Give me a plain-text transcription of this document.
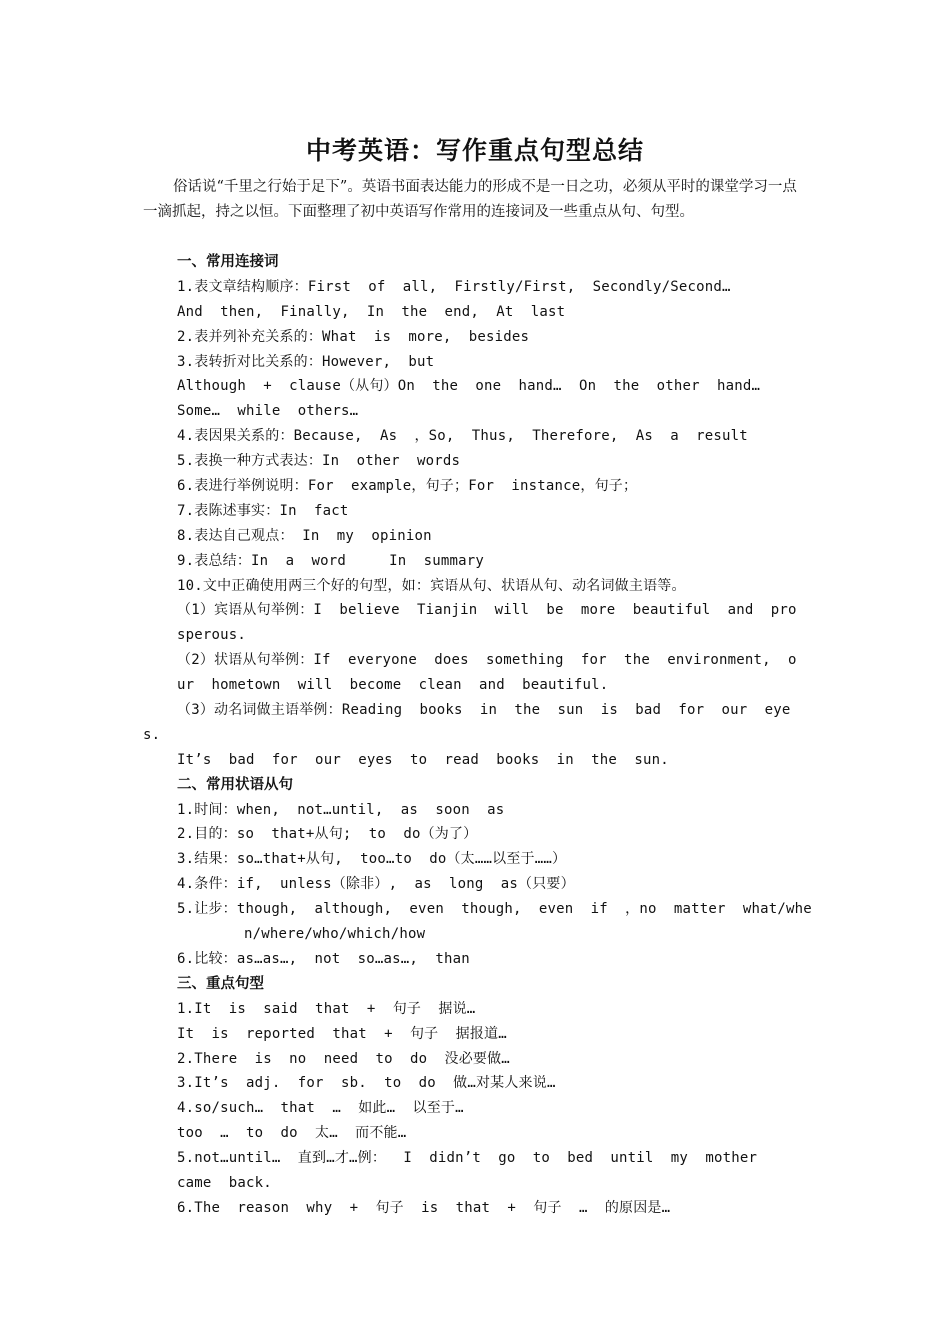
中考英语：写作重点句型总结
俗话说“千里之行始于足下”。英语书面表达能力的形成不是一日之功，必须从平时的课堂学习一点一滴抓起，持之以恒。下面整理了初中英语写作常用的连接词及一些重点从句、句型。
一、常用连接词
1.表文章结构顺序：First  of  all,  Firstly/First,  Secondly/Second…
And  then,  Finally,  In  the  end,  At  last
2.表并列补充关系的：What  is  more,  besides
3.表转折对比关系的：However,  but
Although  +  clause（从句）On  the  one  hand…  On  the  other  hand…
Some…  while  others…
4.表因果关系的：Because,  As  ，So,  Thus,  Therefore,  As  a  result
5.表换一种方式表达：In  other  words
6.表进行举例说明：For  example，句子；For  instance，句子；
7.表陈述事实：In  fact
8.表达自己观点： In  my  opinion
9.表总结：In  a  word     In  summary
10.文中正确使用两三个好的句型，如：宾语从句、状语从句、动名词做主语等。
（1）宾语从句举例：I  believe  Tianjin  will  be  more  beautiful  and  pro
sperous.
（2）状语从句举例：If  everyone  does  something  for  the  environment,  o
ur  hometown  will  become  clean  and  beautiful.
（3）动名词做主语举例：Reading  books  in  the  sun  is  bad  for  our  eye
s.
It’s  bad  for  our  eyes  to  read  books  in  the  sun.
二、常用状语从句
1.时间：when,  not…until,  as  soon  as
2.目的：so  that+从句;  to  do（为了）
3.结果：so…that+从句,  too…to  do（太……以至于……）
4.条件：if,  unless（除非）,  as  long  as（只要）
5.让步：though,  although,  even  though,  even  if  ，no  matter  what/whe
n/where/who/which/how
6.比较：as…as…,  not  so…as…,  than
三、重点句型
1.It  is  said  that  +  句子  据说…
It  is  reported  that  +  句子  据报道…
2.There  is  no  need  to  do  没必要做…
3.It’s  adj.  for  sb.  to  do  做…对某人来说…
4.so/such…  that  …  如此…  以至于…
too  …  to  do  太…  而不能…
5.not…until…  直到…才…例：  I  didn’t  go  to  bed  until  my  mother
came  back.
6.The  reason  why  +  句子  is  that  +  句子  …  的原因是…
